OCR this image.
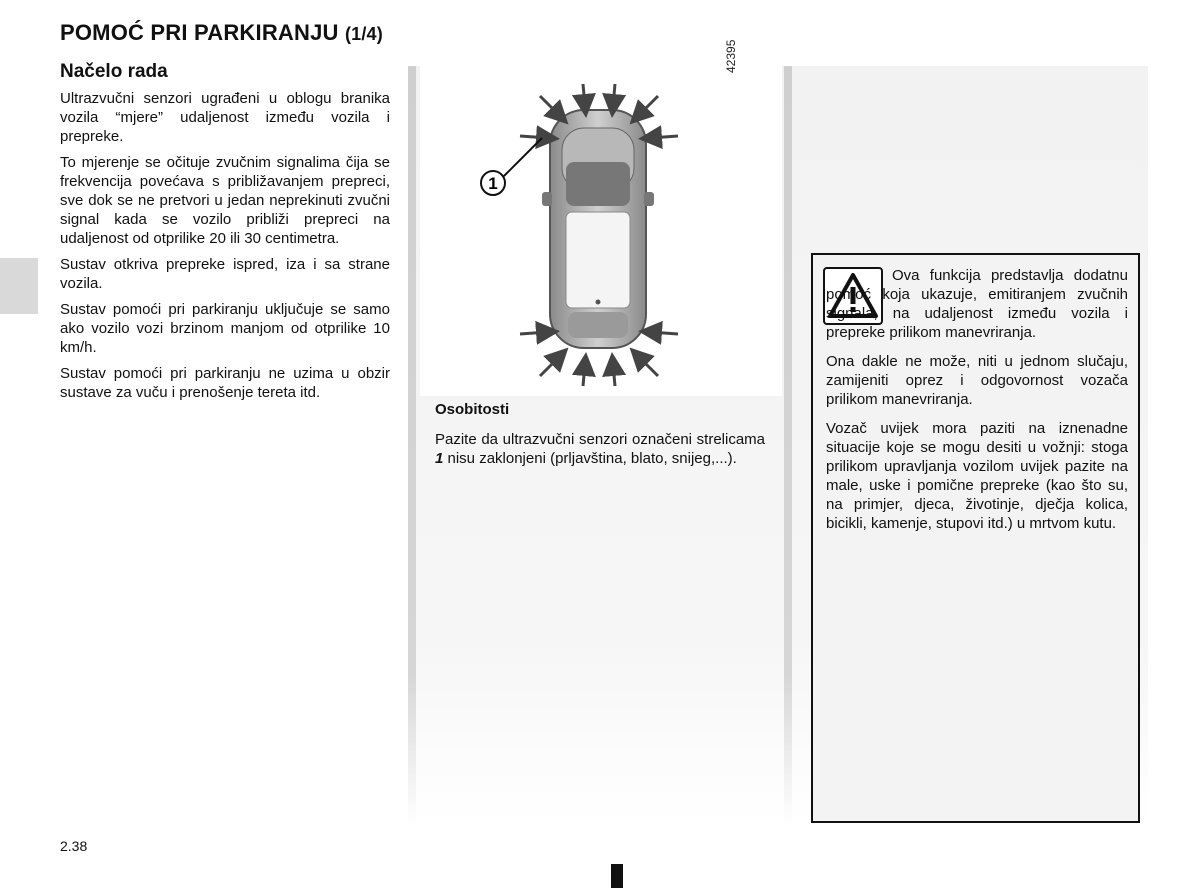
POMOĆ PRI PARKIRANJU (1/4)
Načelo rada

Ultrazvučni senzori ugrađeni u oblogu branika vozila “mjere” udaljenost između vozila i prepreke.

To mjerenje se očituje zvučnim signalima čija se frekvencija povećava s približavanjem prepreci, sve dok se ne pretvori u jedan neprekinuti zvučni signal kada se vozilo približi prepreci na udaljenost od otprilike 20 ili 30 centimetra.

Sustav otkriva prepreke ispred, iza i sa strane vozila.

Sustav pomoći pri parkiranju uključuje se samo ako vozilo vozi brzinom manjom od otprilike 10 km/h.

Sustav pomoći pri parkiranju ne uzima u obzir sustave za vuču i prenošenje tereta itd.

1
42395
Osobitosti

Pazite da ultrazvučni senzori označeni strelicama 1 nisu zaklonjeni (prljavština, blato, snijeg,...).

Ova funkcija predstavlja dodatnu pomoć koja ukazuje, emitiranjem zvučnih signala, na udaljenost između vozila i prepreke prilikom manevriranja.

Ona dakle ne može, niti u jednom slučaju, zamijeniti oprez i odgovornost vozača prilikom manevriranja.

Vozač uvijek mora paziti na iznenadne situacije koje se mogu desiti u vožnji: stoga prilikom upravljanja vozilom uvijek pazite na male, uske i pomične prepreke (kao što su, na primjer, djeca, životinje, dječja kolica, bicikli, kamenje, stupovi itd.) u mrtvom kutu.

2.38
